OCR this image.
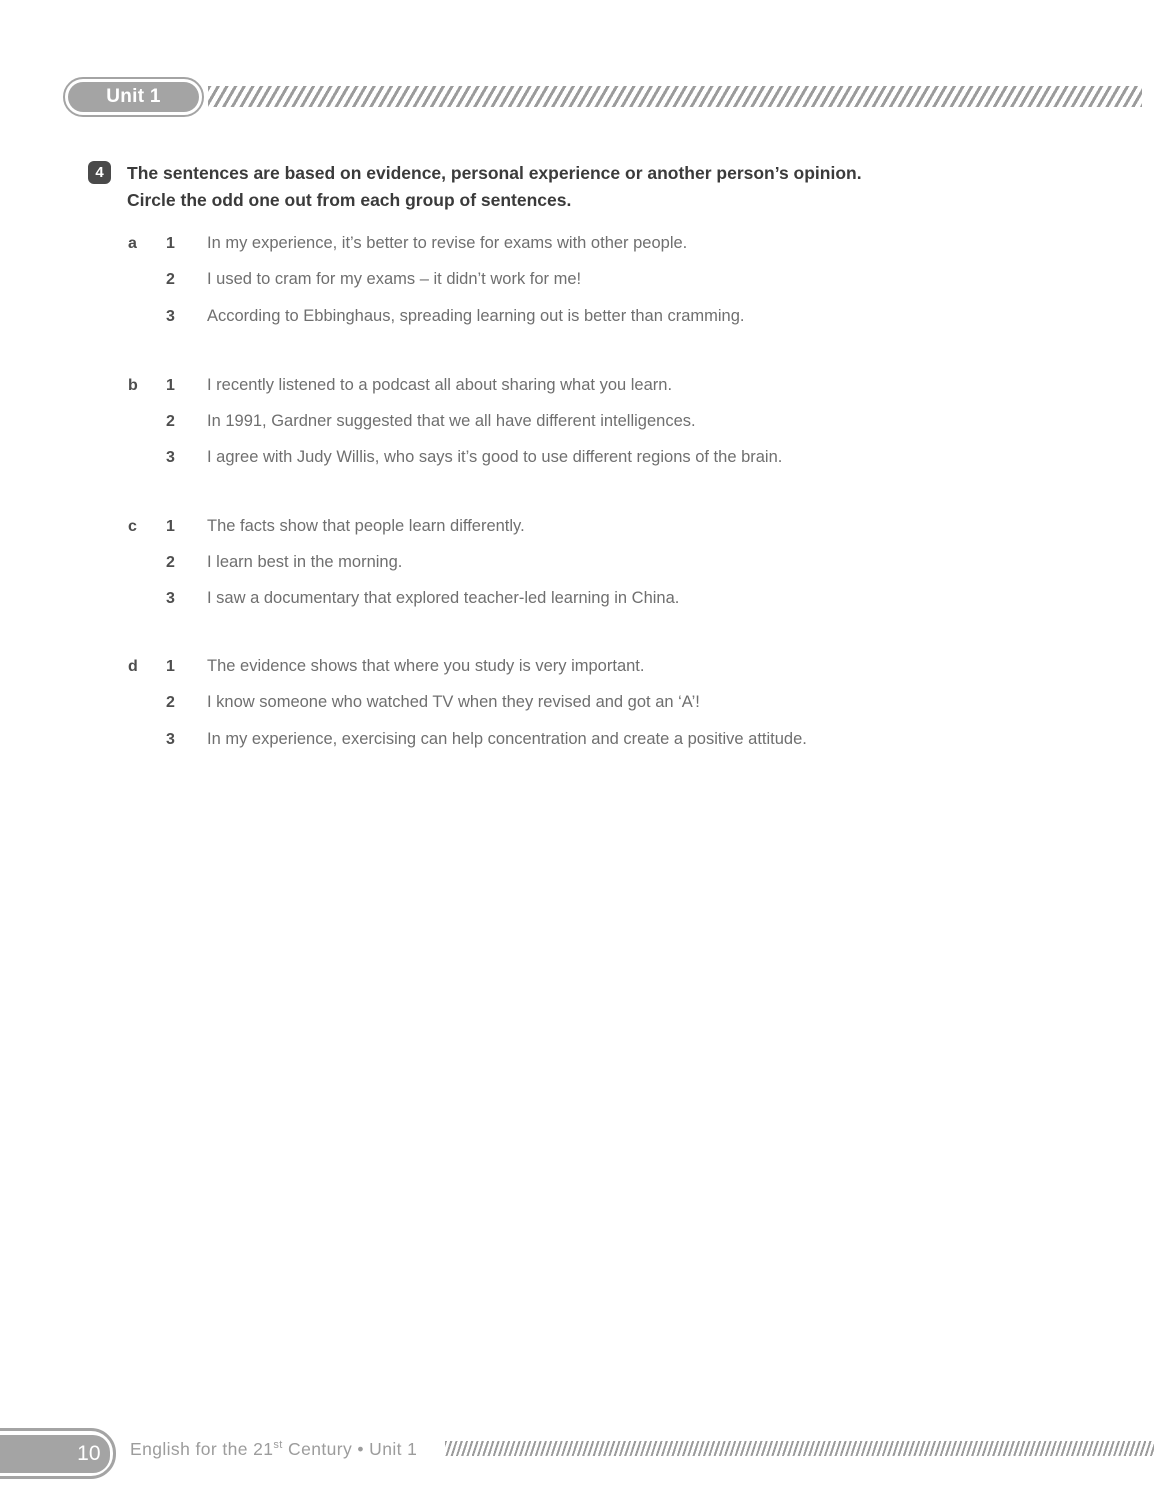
Unit 1
4	The sentences are based on evidence, personal experience or another person’s opinion.
Circle the odd one out from each group of sentences.
a 1 In my experience, it’s better to revise for exams with other people.
2 I used to cram for my exams – it didn’t work for me!
3 According to Ebbinghaus, spreading learning out is better than cramming.
b 1 I recently listened to a podcast all about sharing what you learn.
2 In 1991, Gardner suggested that we all have different intelligences.
3 I agree with Judy Willis, who says it’s good to use different regions of the brain.
c 1 The facts show that people learn differently.
2 I learn best in the morning.
3 I saw a documentary that explored teacher-led learning in China.
d 1 The evidence shows that where you study is very important.
2 I know someone who watched TV when they revised and got an ‘A’!
3 In my experience, exercising can help concentration and create a positive attitude.
10	English for the 21st Century • Unit 1
